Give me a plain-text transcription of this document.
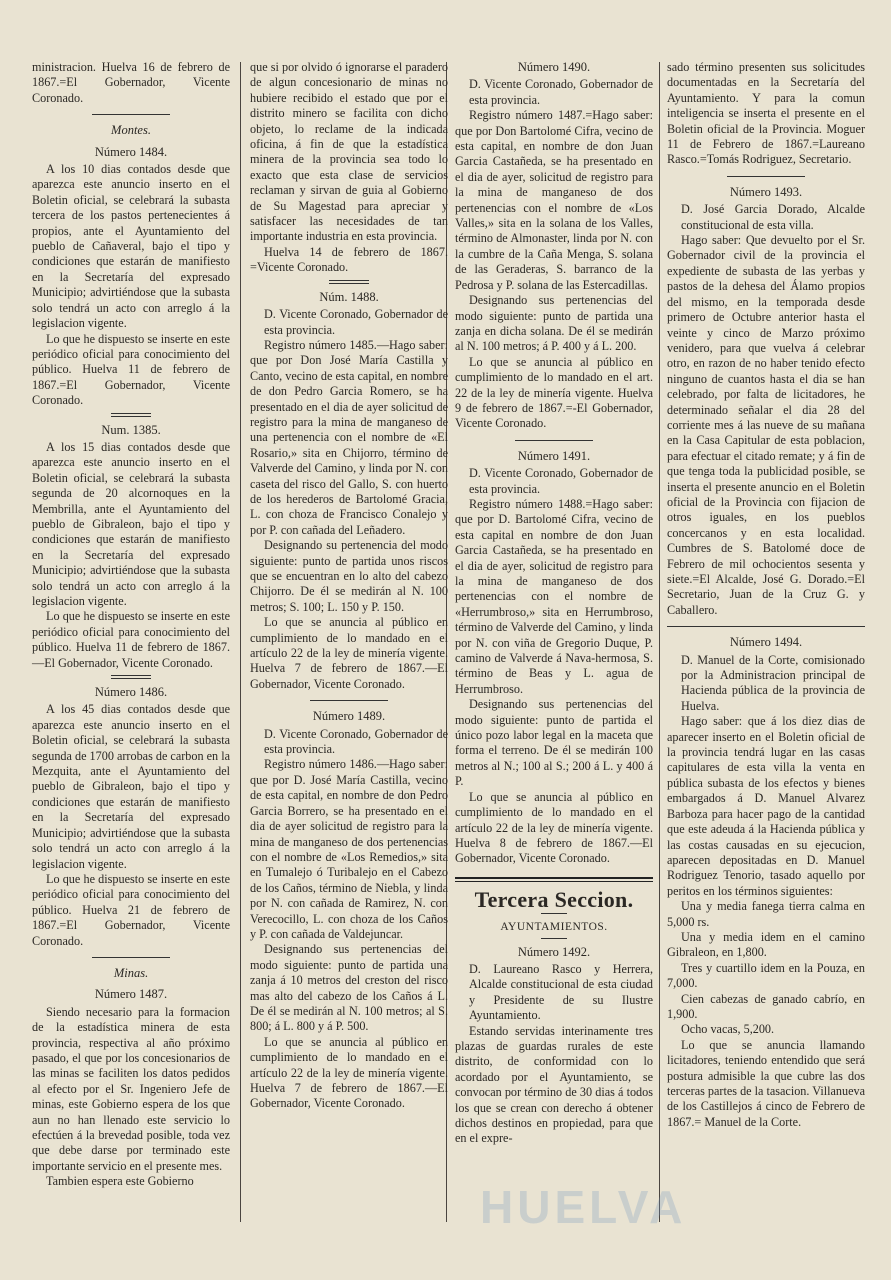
ministracion. Huelva 16 de febrero de 1867.=El Gobernador, Vicente Coronado.

Montes.
Número 1484.

A los 10 dias contados desde que aparezca este anuncio inserto en el Boletin oficial, se celebrará la subasta tercera de los pastos pertenecientes á propios, ante el Ayuntamiento del pueblo de Cañaveral, bajo el tipo y condiciones que estarán de manifiesto en la Secretaría del expresado Municipio; advirtiéndose que la subasta solo tendrá un acto con arreglo á la legislacion vigente.

Lo que he dispuesto se inserte en este periódico oficial para conocimiento del público. Huelva 11 de febrero de 1867.=El Gobernador, Vicente Coronado.

Num. 1385.

A los 15 dias contados desde que aparezca este anuncio inserto en el Boletin oficial, se celebrará la subasta segunda de 20 alcornoques en la Membrilla, ante el Ayuntamiento del pueblo de Gibraleon, bajo el tipo y condiciones que estarán de manifiesto en la Secretaría del expresado Municipio; advirtiéndose que la subasta solo tendrá un acto con arreglo á la legislacion vigente.

Lo que he dispuesto se inserte en este periódico oficial para conocimiento del público. Huelva 11 de febrero de 1867.—El Gobernador, Vicente Coronado.

Número 1486.

A los 45 dias contados desde que aparezca este anuncio inserto en el Boletin oficial, se celebrará la subasta segunda de 1700 arrobas de carbon en la Mezquita, ante el Ayuntamiento del pueblo de Gibraleon, bajo el tipo y condiciones que estarán de manifiesto en la Secretaría del expresado Municipio; advirtiéndose que la subasta solo tendrá un acto con arreglo á la legislacion vigente.

Lo que he dispuesto se inserte en este periódico oficial para conocimiento del público. Huelva 21 de febrero de 1867.=El Gobernador, Vicente Coronado.

Minas.
Número 1487.

Siendo necesario para la formacion de la estadística minera de esta provincia, respectiva al año próximo pasado, el que por los concesionarios de las minas se faciliten los datos pedidos al efecto por el Sr. Ingeniero Jefe de minas, este Gobierno espera de los que aun no han llenado este servicio lo efectúen á la brevedad posible, toda vez que debe darse por terminado este importante servicio en el presente mes.

Tambien espera este Gobierno

que si por olvido ó ignorarse el paradero de algun concesionario de minas no hubiere recibido el estado que por el distrito minero se facilita con dicho objeto, lo reclame de la indicada oficina, á fin de que la estadística minera de la provincia sea todo lo exacto que esta clase de servicios reclaman y sirvan de guia al Gobierno de Su Magestad para apreciar y satisfacer las necesidades de tan importante industria en esta provincia.

Huelva 14 de febrero de 1867. =Vicente Coronado.

Núm. 1488.

D. Vicente Coronado, Gobernador de esta provincia.

Registro número 1485.—Hago saber: que por Don José María Castilla y Canto, vecino de esta capital, en nombre de don Pedro Garcia Romero, se ha presentado en el dia de ayer solicitud de registro para la mina de manganeso de una pertenencia con el nombre de «El Rosario,» sita en Chijorro, término de Valverde del Camino, y linda por N. con caseta del risco del Gallo, S. con huerto de los herederos de Bartolomé Gracia, L. con choza de Francisco Conalejo y por P. con cañada del Leñadero.

Designando su pertenencia del modo siguiente: punto de partida unos riscos que se encuentran en lo alto del cabezo Chijorro. De él se medirán al N. 100 metros; S. 100; L. 150 y P. 150.

Lo que se anuncia al público en cumplimiento de lo mandado en el artículo 22 de la ley de minería vigente. Huelva 7 de febrero de 1867.—El Gobernador, Vicente Coronado.

Número 1489.

D. Vicente Coronado, Gobernador de esta provincia.

Registro número 1486.—Hago saber: que por D. José María Castilla, vecino de esta capital, en nombre de don Pedro Garcia Borrero, se ha presentado en el dia de ayer solicitud de registro para la mina de manganeso de dos pertenencias con el nombre de «Los Remedios,» sita en Tumalejo ó Turibalejo en el Cabezo de los Caños, término de Niebla, y linda por N. con cañada de Ramirez, N. con Verecocillo, L. con choza de los Caños y P. con cañada de Valdejuncar.

Designando sus pertenencias del modo siguiente: punto de partida una zanja á 10 metros del creston del risco mas alto del cabezo de los Caños á L. De él se medirán al N. 100 metros; al S. 800; á L. 800 y á P. 500.

Lo que se anuncia al público en cumplimiento de lo mandado en el artículo 22 de la ley de minería vigente. Huelva 7 de febrero de 1867.—El Gobernador, Vicente Coronado.

Número 1490.

D. Vicente Coronado, Gobernador de esta provincia.

Registro número 1487.=Hago saber: que por Don Bartolomé Cifra, vecino de esta capital, en nombre de don Juan Garcia Castañeda, se ha presentado en el dia de ayer, solicitud de registro para la mina de manganeso de dos pertenencias con el nombre de «Los Valles,» sita en la solana de los Valles, término de Almonaster, linda por N. con la cumbre de la Caña Menga, S. solana de las Geraderas, S. barranco de la Pedrosa y P. solana de las Estercadillas.

Designando sus pertenencias del modo siguiente: punto de partida una zanja en dicha solana. De él se medirán al N. 100 metros; á P. 400 y á L. 200.

Lo que se anuncia al público en cumplimiento de lo mandado en el art. 22 de la ley de minería vigente. Huelva 9 de febrero de 1867.=-El Gobernador, Vicente Coronado.

Número 1491.

D. Vicente Coronado, Gobernador de esta provincia.

Registro número 1488.=Hago saber: que por D. Bartolomé Cifra, vecino de esta capital en nombre de don Juan Garcia Castañeda, se ha presentado en el dia de ayer, solicitud de registro para la mina de manganeso de dos pertenencias con el nombre de «Herrumbroso,» sita en Herrumbroso, término de Valverde del Camino, y linda por N. con viña de Gregorio Duque, P. camino de Valverde á Nava-hermosa, S. término de Beas y L. agua de Herrumbroso.

Designando sus pertenencias del modo siguiente: punto de partida el único pozo labor legal en la maceta que forma el terreno. De él se medirán 100 metros al N.; 100 al S.; 200 á L. y 400 á P.

Lo que se anuncia al público en cumplimiento de lo mandado en el artículo 22 de la ley de minería vigente. Huelva 8 de febrero de 1867.—El Gobernador, Vicente Coronado.

Tercera Seccion.
AYUNTAMIENTOS.
Número 1492.

D. Laureano Rasco y Herrera, Alcalde constitucional de esta ciudad y Presidente de su Ilustre Ayuntamiento.

Estando servidas interinamente tres plazas de guardas rurales de este distrito, de conformidad con lo acordado por el Ayuntamiento, se convocan por término de 30 dias á todos los que se crean con derecho á obtener dichos destinos en propiedad, para que en el expre-

sado término presenten sus solicitudes documentadas en la Secretaría del Ayuntamiento. Y para la comun inteligencia se inserta el presente en el Boletin oficial de la Provincia. Moguer 11 de Febrero de 1867.=Laureano Rasco.=Tomás Rodriguez, Secretario.

Número 1493.

D. José Garcia Dorado, Alcalde constitucional de esta villa.

Hago saber: Que devuelto por el Sr. Gobernador civil de la provincia el expediente de subasta de las yerbas y pastos de la dehesa del Álamo propios del mismo, en la temporada desde primero de Octubre anterior hasta el veinte y cinco de Marzo próximo venidero, para que vuelva á celebrar otro, en razon de no haber tenido efecto ninguno de cuantos hasta el dia se han celebrado, por falta de licitadores, he determinado señalar el dia 28 del corriente mes á las nueve de su mañana en la Casa Capitular de esta poblacion, para efectuar el citado remate; y á fin de que tenga toda la publicidad posible, se inserta el presente anuncio en el Boletin oficial de la Provincia con fijacion de otros iguales, en los pueblos concercanos y en esta localidad. Cumbres de S. Batolomé doce de Febrero de mil ochocientos sesenta y siete.=El Alcalde, José G. Dorado.=El Secretario, Juan de la Cruz G. y Caballero.

Número 1494.

D. Manuel de la Corte, comisionado por la Administracion principal de Hacienda pública de la provincia de Huelva.

Hago saber: que á los diez dias de aparecer inserto en el Boletin oficial de la provincia tendrá lugar en las casas capitulares de esta villa la venta en pública subasta de los efectos y bienes embargados á D. Manuel Alvarez Barboza para hacer pago de la cantidad que este adeuda á la Hacienda pública y las costas causadas en su ejecucion, aparecen depositadas en D. Manuel Rodriguez Tenorio, tasado aquello por peritos en los términos siguientes:

Una y media fanega tierra calma en 5,000 rs.

Una y media idem en el camino Gibraleon, en 1,800.

Tres y cuartillo idem en la Pouza, en 7,000.

Cien cabezas de ganado cabrío, en 1,900.

Ocho vacas, 5,200.

Lo que se anuncia llamando licitadores, teniendo entendido que será postura admisible la que cubre las dos terceras partes de la tasacion. Villanueva de los Castillejos á cinco de Febrero de 1867.= Manuel de la Corte.

HUELVA
